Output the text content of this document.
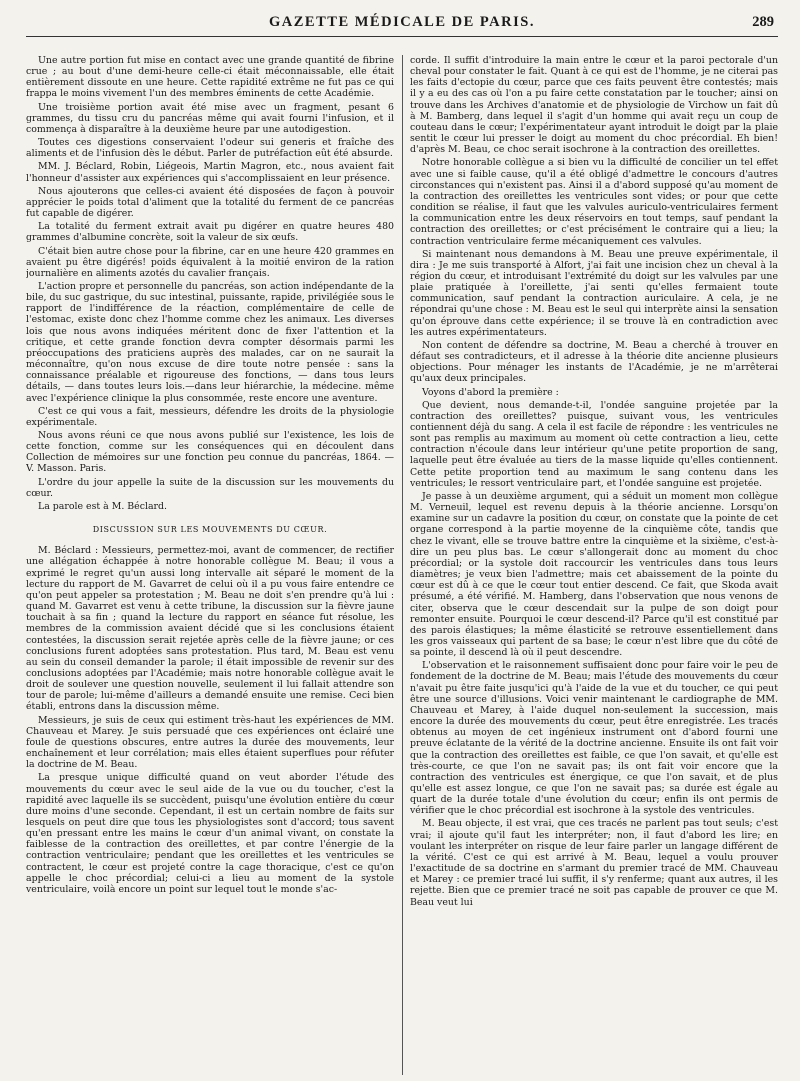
GAZETTE MÉDICALE DE PARIS.	289

Une autre portion fut mise en contact avec une grande quantité de fibrine crue ; au bout d'une demi-heure celle-ci était méconnaissable, elle était entièrement dissoute en une heure. Cette rapidité extrême ne fut pas ce qui frappa le moins vivement l'un des membres éminents de cette Académie.

Une troisième portion avait été mise avec un fragment, pesant 6 grammes, du tissu cru du pancréas même qui avait fourni l'infusion, et il commença à disparaître à la deuxième heure par une autodigestion.

Toutes ces digestions conservaient l'odeur sui generis et fraîche des aliments et de l'infusion dès le début. Parler de putréfaction eût été absurde.

MM. J. Béclard, Robin, Liégeois, Martin Magron, etc., nous avaient fait l'honneur d'assister aux expériences qui s'accomplissaient en leur présence.

Nous ajouterons que celles-ci avaient été disposées de façon à pouvoir apprécier le poids total d'aliment que la totalité du ferment de ce pancréas fut capable de digérer.

La totalité du ferment extrait avait pu digérer en quatre heures 480 grammes d'albumine concrète, soit la valeur de six œufs.

C'était bien autre chose pour la fibrine, car en une heure 420 grammes en avaient pu être digérés! poids équivalent à la moitié environ de la ration journalière en aliments azotés du cavalier français.

L'action propre et personnelle du pancréas, son action indépendante de la bile, du suc gastrique, du suc intestinal, puissante, rapide, privilégiée sous le rapport de l'indifférence de la réaction, complémentaire de celle de l'estomac, existe donc chez l'homme comme chez les animaux. Les diverses lois que nous avons indiquées méritent donc de fixer l'attention et la critique, et cette grande fonction devra compter désormais parmi les préoccupations des praticiens auprès des malades, car on ne saurait la méconnaître, qu'on nous excuse de dire toute notre pensée : sans la connaissance préalable et rigoureuse des fonctions, — dans tous leurs détails, — dans toutes leurs lois.—dans leur hiérarchie, la médecine. même avec l'expérience clinique la plus consommée, reste encore une aventure.

C'est ce qui vous a fait, messieurs, défendre les droits de la physiologie expérimentale.

Nous avons réuni ce que nous avons publié sur l'existence, les lois de cette fonction, comme sur les conséquences qui en découlent dans Collection de mémoires sur une fonction peu connue du pancréas, 1864. — V. Masson. Paris.

L'ordre du jour appelle la suite de la discussion sur les mouvements du cœur.

La parole est à M. Béclard.

DISCUSSION SUR LES MOUVEMENTS DU CŒUR.

M. Béclard : Messieurs, permettez-moi, avant de commencer, de rectifier une allégation échappée à notre honorable collègue M. Beau; il vous a exprimé le regret qu'un aussi long intervalle ait séparé le moment de la lecture du rapport de M. Gavarret de celui où il a pu vous faire entendre ce qu'on peut appeler sa protestation ; M. Beau ne doit s'en prendre qu'à lui : quand M. Gavarret est venu à cette tribune, la discussion sur la fièvre jaune touchait à sa fin ; quand la lecture du rapport en séance fut résolue, les membres de la commission avaient décidé que si les conclusions étaient contestées, la discussion serait rejetée après celle de la fièvre jaune; or ces conclusions furent adoptées sans protestation. Plus tard, M. Beau est venu au sein du conseil demander la parole; il était impossible de revenir sur des conclusions adoptées par l'Académie; mais notre honorable collègue avait le droit de soulever une question nouvelle, seulement il lui fallait attendre son tour de parole; lui-même d'ailleurs a demandé ensuite une remise. Ceci bien établi, entrons dans la discussion même.

Messieurs, je suis de ceux qui estiment très-haut les expériences de MM. Chauveau et Marey. Je suis persuadé que ces expériences ont éclairé une foule de questions obscures, entre autres la durée des mouvements, leur enchaînement et leur corrélation; mais elles étaient superflues pour réfuter la doctrine de M. Beau.

La presque unique difficulté quand on veut aborder l'étude des mouvements du cœur avec le seul aide de la vue ou du toucher, c'est la rapidité avec laquelle ils se succèdent, puisqu'une évolution entière du cœur dure moins d'une seconde. Cependant, il est un certain nombre de faits sur lesquels on peut dire que tous les physiologistes sont d'accord; tous savent qu'en pressant entre les mains le cœur d'un animal vivant, on constate la faiblesse de la contraction des oreillettes, et par contre l'énergie de la contraction ventriculaire; pendant que les oreillettes et les ventricules se contractent, le cœur est projeté contre la cage thoracique, c'est ce qu'on appelle le choc précordial; celui-ci a lieu au moment de la systole ventriculaire, voilà encore un point sur lequel tout le monde s'ac-

corde. Il suffit d'introduire la main entre le cœur et la paroi pectorale d'un cheval pour constater le fait. Quant à ce qui est de l'homme, je ne citerai pas les faits d'ectopie du cœur, parce que ces faits peuvent être contestés; mais il y a eu des cas où l'on a pu faire cette constatation par le toucher; ainsi on trouve dans les Archives d'anatomie et de physiologie de Virchow un fait dû à M. Bamberg, dans lequel il s'agit d'un homme qui avait reçu un coup de couteau dans le cœur; l'expérimentateur ayant introduit le doigt par la plaie sentit le cœur lui presser le doigt au moment du choc précordial. Eh bien! d'après M. Beau, ce choc serait isochrone à la contraction des oreillettes.

Notre honorable collègue a si bien vu la difficulté de concilier un tel effet avec une si faible cause, qu'il a été obligé d'admettre le concours d'autres circonstances qui n'existent pas. Ainsi il a d'abord supposé qu'au moment de la contraction des oreillettes les ventricules sont vides; or pour que cette condition se réalise, il faut que les valvules auriculo-ventriculaires ferment la communication entre les deux réservoirs en tout temps, sauf pendant la contraction des oreillettes; or c'est précisément le contraire qui a lieu; la contraction ventriculaire ferme mécaniquement ces valvules.

Si maintenant nous demandons à M. Beau une preuve expérimentale, il dira : Je me suis transporté à Alfort, j'ai fait une incision chez un cheval à la région du cœur, et introduisant l'extrémité du doigt sur les valvules par une plaie pratiquée à l'oreillette, j'ai senti qu'elles fermaient toute communication, sauf pendant la contraction auriculaire. A cela, je ne répondrai qu'une chose : M. Beau est le seul qui interprète ainsi la sensation qu'on éprouve dans cette expérience; il se trouve là en contradiction avec les autres expérimentateurs.

Non content de défendre sa doctrine, M. Beau a cherché à trouver en défaut ses contradicteurs, et il adresse à la théorie dite ancienne plusieurs objections. Pour ménager les instants de l'Académie, je ne m'arrêterai qu'aux deux principales.

Voyons d'abord la première :

Que devient, nous demande-t-il, l'ondée sanguine projetée par la contraction des oreillettes? puisque, suivant vous, les ventricules contiennent déjà du sang. A cela il est facile de répondre : les ventricules ne sont pas remplis au maximum au moment où cette contraction a lieu, cette contraction n'écoule dans leur intérieur qu'une petite proportion de sang, laquelle peut être évaluée au tiers de la masse liquide qu'elles contiennent. Cette petite proportion tend au maximum le sang contenu dans les ventricules; le ressort ventriculaire part, et l'ondée sanguine est projetée.

Je passe à un deuxième argument, qui a séduit un moment mon collègue M. Verneuil, lequel est revenu depuis à la théorie ancienne. Lorsqu'on examine sur un cadavre la position du cœur, on constate que la pointe de cet organe correspond à la partie moyenne de la cinquième côte, tandis que chez le vivant, elle se trouve battre entre la cinquième et la sixième, c'est-à-dire un peu plus bas. Le cœur s'allongerait donc au moment du choc précordial; or la systole doit raccourcir les ventricules dans tous leurs diamètres; je veux bien l'admettre; mais cet abaissement de la pointe du cœur est dû à ce que le cœur tout entier descend. Ce fait, que Skoda avait présumé, a été vérifié. M. Hamberg, dans l'observation que nous venons de citer, observa que le cœur descendait sur la pulpe de son doigt pour remonter ensuite. Pourquoi le cœur descend-il? Parce qu'il est constitué par des parois élastiques; la même élasticité se retrouve essentiellement dans les gros vaisseaux qui partent de sa base; le cœur n'est libre que du côté de sa pointe, il descend là où il peut descendre.

L'observation et le raisonnement suffisaient donc pour faire voir le peu de fondement de la doctrine de M. Beau; mais l'étude des mouvements du cœur n'avait pu être faite jusqu'ici qu'à l'aide de la vue et du toucher, ce qui peut être une source d'illusions. Voici venir maintenant le cardiographe de MM. Chauveau et Marey, à l'aide duquel non-seulement la succession, mais encore la durée des mouvements du cœur, peut être enregistrée. Les tracés obtenus au moyen de cet ingénieux instrument ont d'abord fourni une preuve éclatante de la vérité de la doctrine ancienne. Ensuite ils ont fait voir que la contraction des oreillettes est faible, ce que l'on savait, et qu'elle est très-courte, ce que l'on ne savait pas; ils ont fait voir encore que la contraction des ventricules est énergique, ce que l'on savait, et de plus qu'elle est assez longue, ce que l'on ne savait pas; sa durée est égale au quart de la durée totale d'une évolution du cœur; enfin ils ont permis de vérifier que le choc précordial est isochrone à la systole des ventricules.

M. Beau objecte, il est vrai, que ces tracés ne parlent pas tout seuls; c'est vrai; il ajoute qu'il faut les interpréter; non, il faut d'abord les lire; en voulant les interpréter on risque de leur faire parler un langage différent de la vérité. C'est ce qui est arrivé à M. Beau, lequel a voulu prouver l'exactitude de sa doctrine en s'armant du premier tracé de MM. Chauveau et Marey : ce premier tracé lui suffit, il s'y renferme; quant aux autres, il les rejette. Bien que ce premier tracé ne soit pas capable de prouver ce que M. Beau veut lui
